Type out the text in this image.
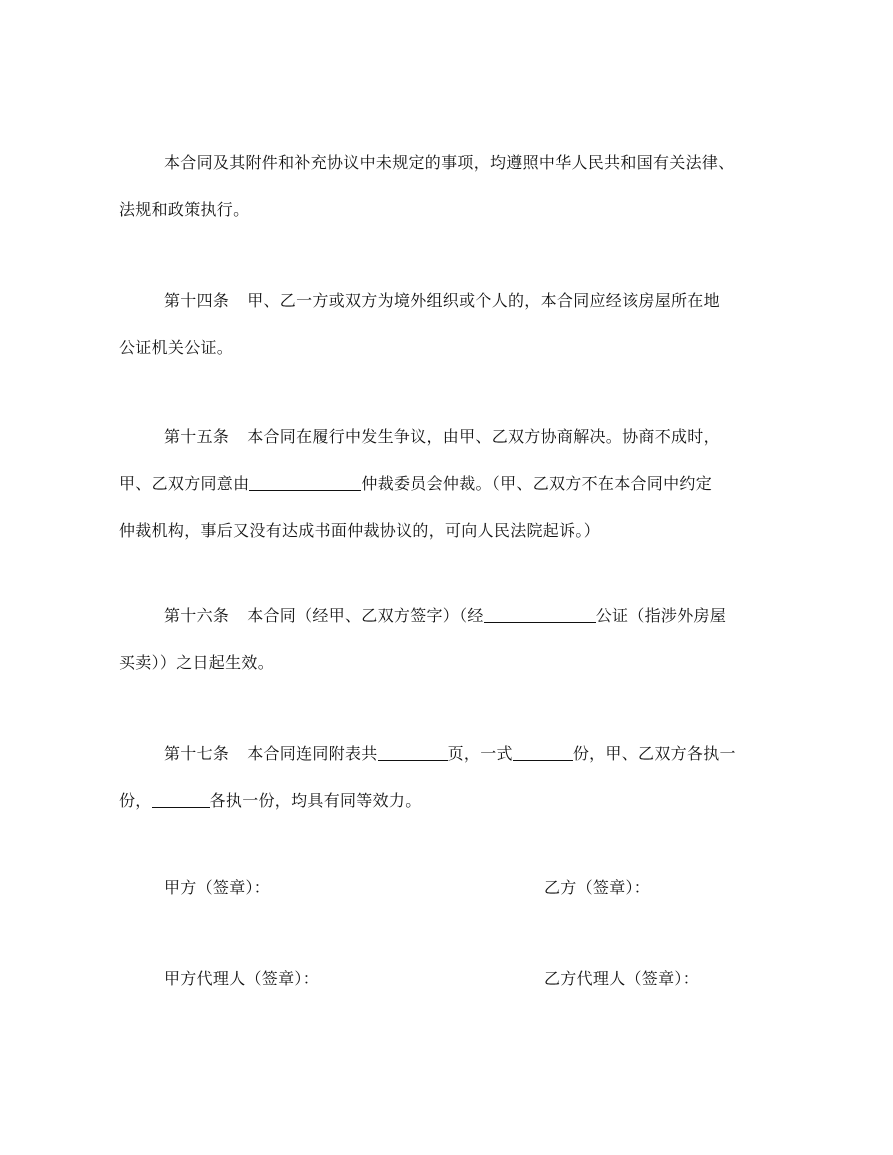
本合同及其附件和补充协议中未规定的事项，均遵照中华人民共和国有关法律、
法规和政策执行。
第十四条 甲、乙一方或双方为境外组织或个人的，本合同应经该房屋所在地
公证机关公证。
第十五条 本合同在履行中发生争议，由甲、乙双方协商解决。协商不成时，
甲、乙双方同意由	仲裁委员会仲裁。（甲、乙双方不在本合同中约定
仲裁机构，事后又没有达成书面仲裁协议的，可向人民法院起诉。）
第十六条 本合同（经甲、乙双方签字）（经	公证（指涉外房屋
买卖））之日起生效。
第十七条 本合同连同附表共	页，一式	份，甲、乙双方各执一
份，	各执一份，均具有同等效力。
甲方（签章）：	乙方（签章）：
甲方代理人（签章）：	乙方代理人（签章）：
